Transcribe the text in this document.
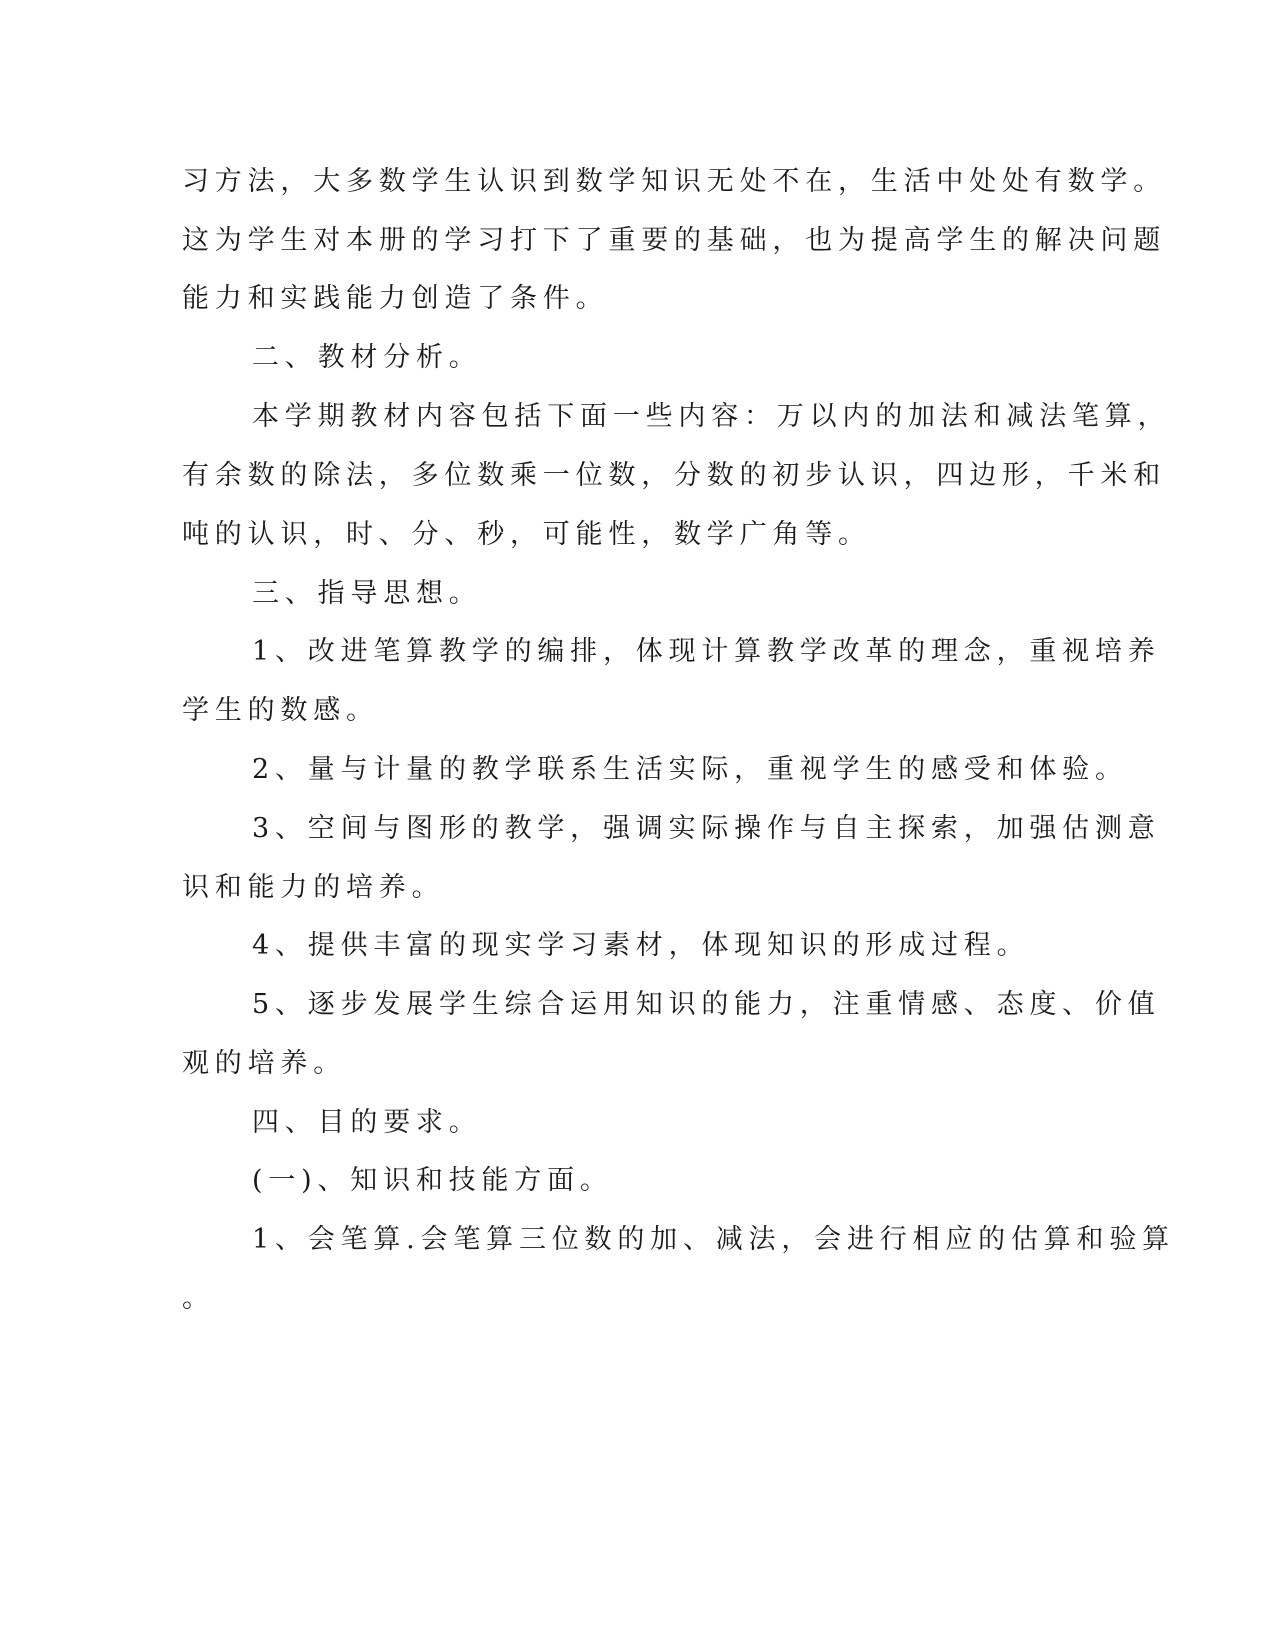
习方法，大多数学生认识到数学知识无处不在，生活中处处有数学。

这为学生对本册的学习打下了重要的基础，也为提高学生的解决问题

能力和实践能力创造了条件。

二、教材分析。

本学期教材内容包括下面一些内容：万以内的加法和减法笔算，

有余数的除法，多位数乘一位数，分数的初步认识，四边形，千米和

吨的认识，时、分、秒，可能性，数学广角等。

三、指导思想。

1、改进笔算教学的编排，体现计算教学改革的理念，重视培养

学生的数感。

2、量与计量的教学联系生活实际，重视学生的感受和体验。

3、空间与图形的教学，强调实际操作与自主探索，加强估测意

识和能力的培养。

4、提供丰富的现实学习素材，体现知识的形成过程。

5、逐步发展学生综合运用知识的能力，注重情感、态度、价值

观的培养。

四、目的要求。

(一)、知识和技能方面。

1、会笔算.会笔算三位数的加、减法，会进行相应的估算和验算

。
